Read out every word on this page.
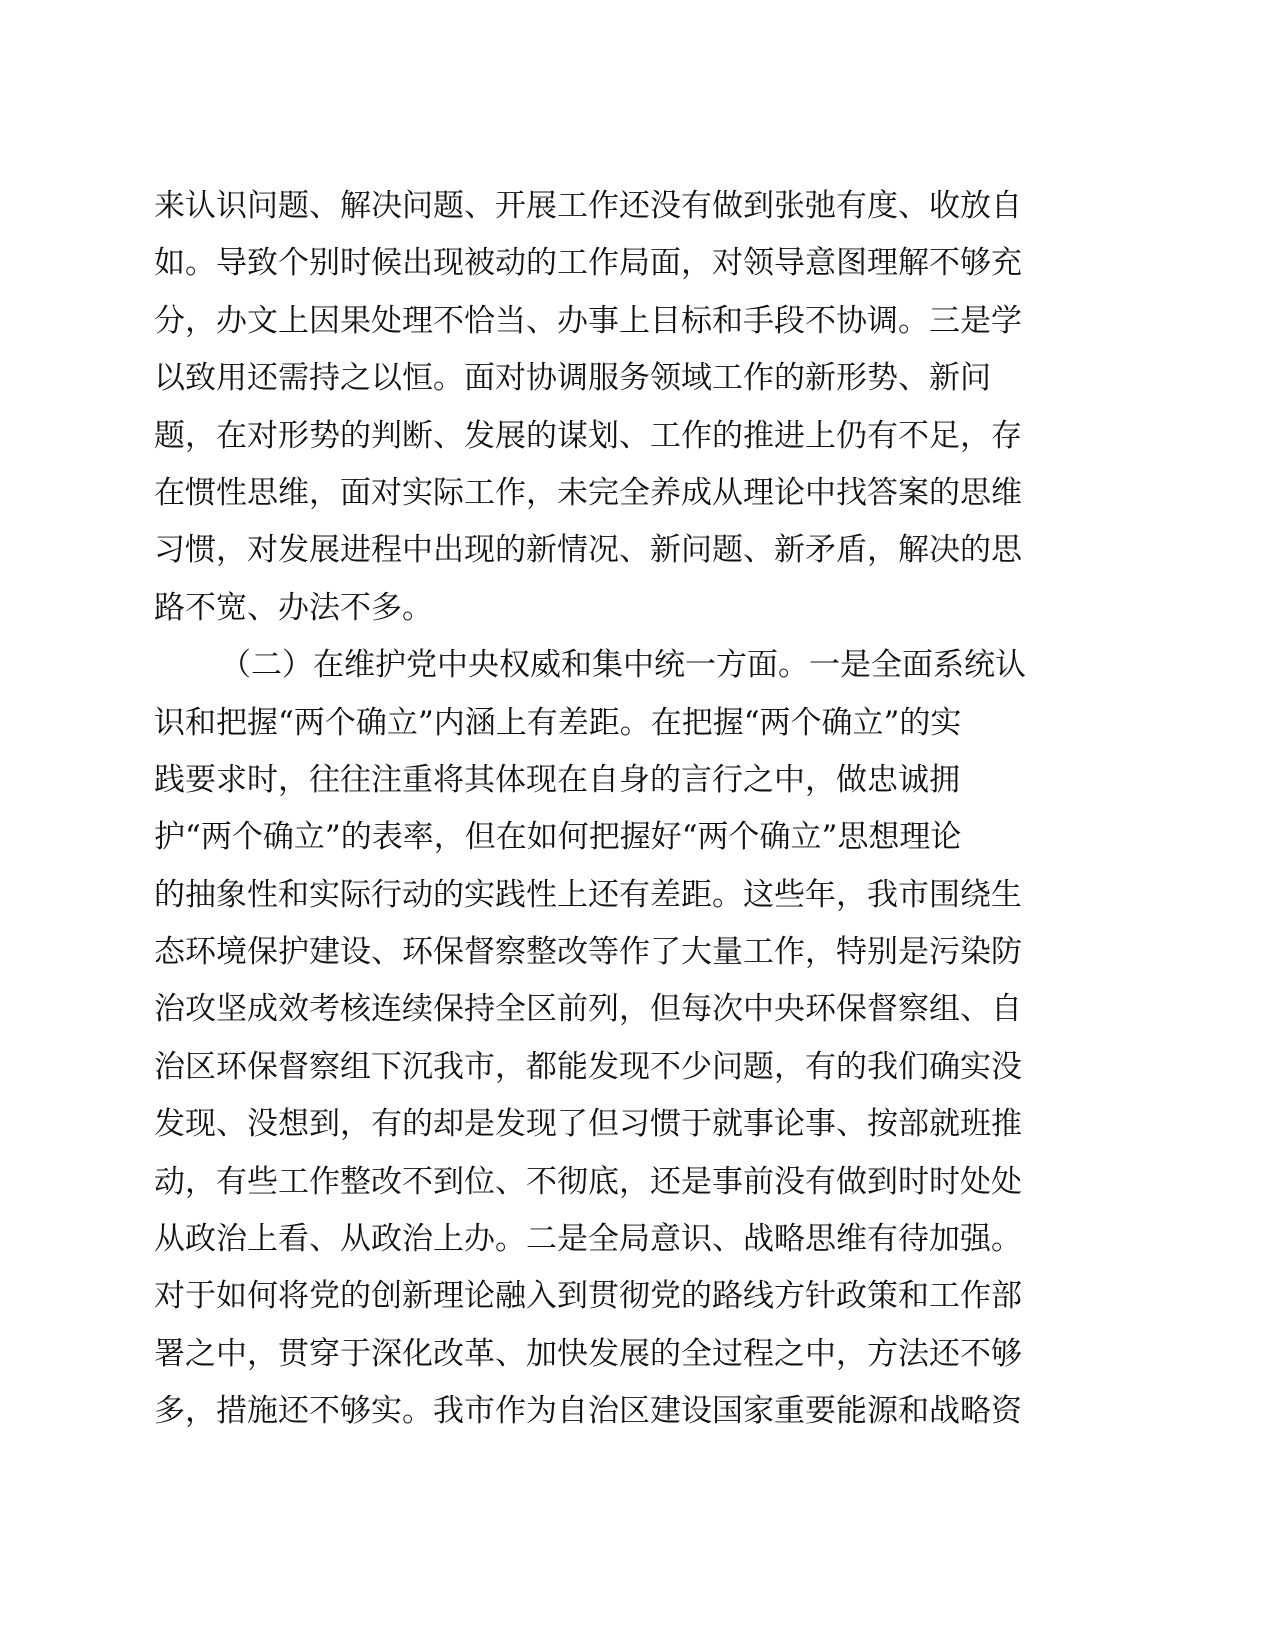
来认识问题、解决问题、开展工作还没有做到张弛有度、收放自
如。导致个别时候出现被动的工作局面，对领导意图理解不够充
分，办文上因果处理不恰当、办事上目标和手段不协调。三是学
以致用还需持之以恒。面对协调服务领域工作的新形势、新问
题，在对形势的判断、发展的谋划、工作的推进上仍有不足，存
在惯性思维，面对实际工作，未完全养成从理论中找答案的思维
习惯，对发展进程中出现的新情况、新问题、新矛盾，解决的思
路不宽、办法不多。
（二）在维护党中央权威和集中统一方面。一是全面系统认
识和把握“两个确立”内涵上有差距。在把握“两个确立”的实
践要求时，往往注重将其体现在自身的言行之中，做忠诚拥
护“两个确立”的表率，但在如何把握好“两个确立”思想理论
的抽象性和实际行动的实践性上还有差距。这些年，我市围绕生
态环境保护建设、环保督察整改等作了大量工作，特别是污染防
治攻坚成效考核连续保持全区前列，但每次中央环保督察组、自
治区环保督察组下沉我市，都能发现不少问题，有的我们确实没
发现、没想到，有的却是发现了但习惯于就事论事、按部就班推
动，有些工作整改不到位、不彻底，还是事前没有做到时时处处
从政治上看、从政治上办。二是全局意识、战略思维有待加强。
对于如何将党的创新理论融入到贯彻党的路线方针政策和工作部
署之中，贯穿于深化改革、加快发展的全过程之中，方法还不够
多，措施还不够实。我市作为自治区建设国家重要能源和战略资
